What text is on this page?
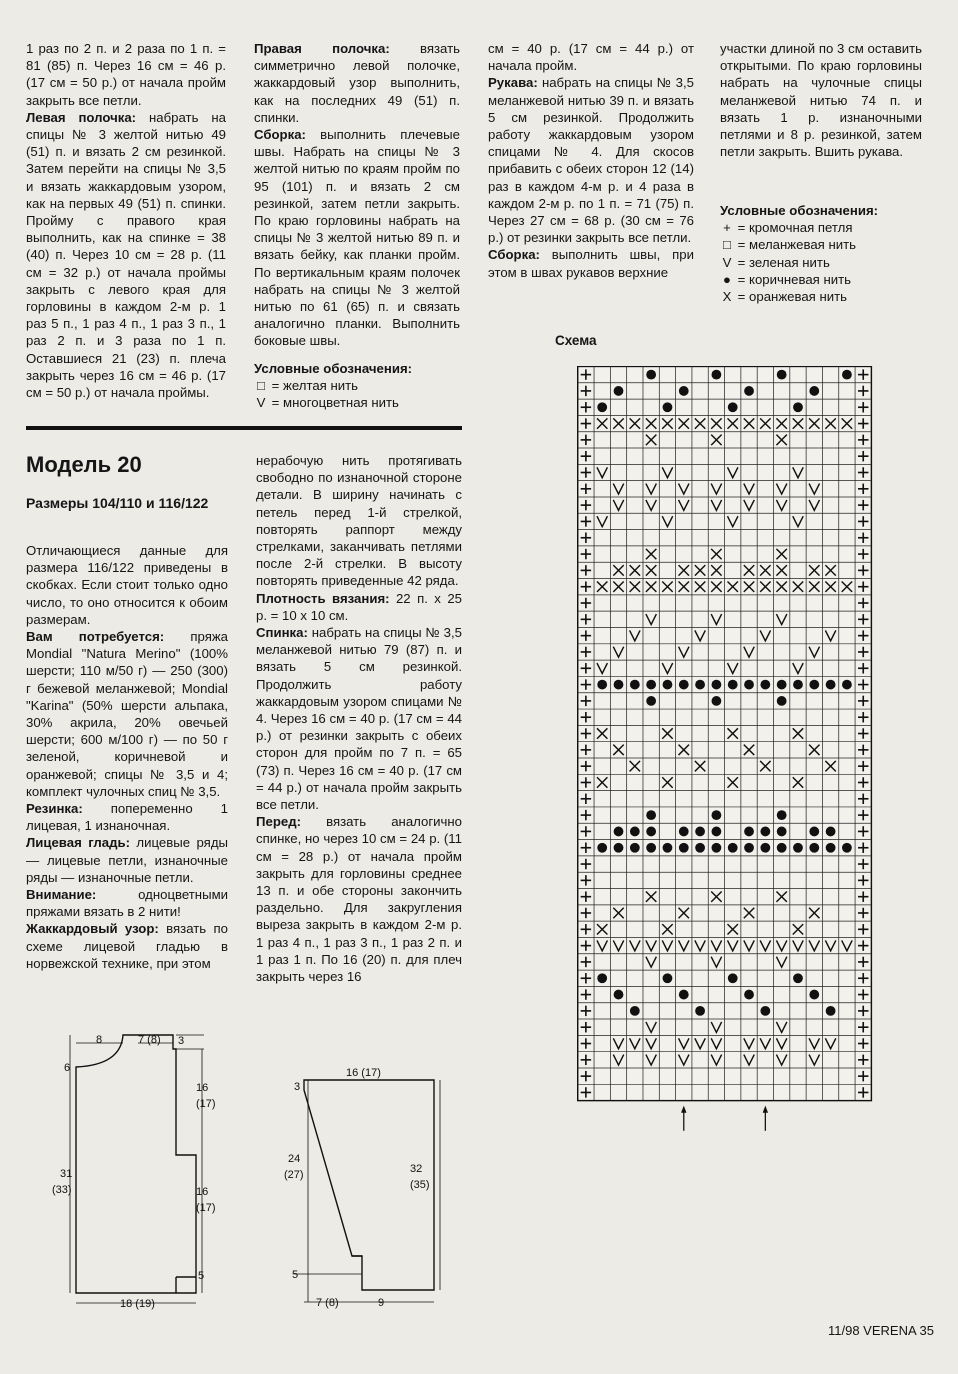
1 раз по 2 п. и 2 раза по 1 п. = 81 (85) п. Через 16 см = 46 р. (17 см = 50 р.) от начала пройм закрыть все петли.

Левая полочка: набрать на спицы № 3 желтой нитью 49 (51) п. и вязать 2 см резинкой. Затем перейти на спицы № 3,5 и вязать жаккардовым узором, как на первых 49 (51) п. спинки. Пройму с правого края выполнить, как на спинке = 38 (40) п. Через 10 см = 28 р. (11 см = 32 р.) от начала проймы закрыть с левого края для горловины в каждом 2-м р. 1 раз 5 п., 1 раз 4 п., 1 раз 3 п., 1 раз 2 п. и 3 раза по 1 п. Оставшиеся 21 (23) п. плеча закрыть через 16 см = 46 р. (17 см = 50 р.) от начала проймы.

Правая полочка: вязать симметрично левой полочке, жаккардовый узор выполнить, как на последних 49 (51) п. спинки.

Сборка: выполнить плечевые швы. Набрать на спицы № 3 желтой нитью по краям пройм по 95 (101) п. и вязать 2 см резинкой, затем петли закрыть. По краю горловины набрать на спицы № 3 желтой нитью 89 п. и вязать бейку, как планки пройм. По вертикальным краям полочек набрать на спицы № 3 желтой нитью по 61 (65) п. и связать аналогично планки. Выполнить боковые швы.

Условные обозначения:
□ = желтая нить
V = многоцветная нить

см = 40 р. (17 см = 44 р.) от начала пройм.

Рукава: набрать на спицы № 3,5 меланжевой нитью 39 п. и вязать 5 см резинкой. Продолжить работу жаккардовым узором спицами № 4. Для скосов прибавить с обеих сторон 12 (14) раз в каждом 4-м р. и 4 раза в каждом 2-м р. по 1 п. = 71 (75) п. Через 27 см = 68 р. (30 см = 76 р.) от резинки закрыть все петли.

Сборка: выполнить швы, при этом в швах рукавов верхние

участки длиной по 3 см оставить открытыми. По краю горловины набрать на чулочные спицы меланжевой нитью 74 п. и вязать 1 р. изнаночными петлями и 8 р. резинкой, затем петли закрыть. Вшить рукава.

Условные обозначения:
+ = кромочная петля
□ = меланжевая нить
V = зеленая нить
● = коричневая нить
X = оранжевая нить
Модель 20
Размеры 104/110 и 116/122

Отличающиеся данные для размера 116/122 приведены в скобках. Если стоит только одно число, то оно относится к обоим размерам.

Вам потребуется: пряжа Mondial "Natura Merino" (100% шерсти; 110 м/50 г) — 250 (300) г бежевой меланжевой; Mondial "Karina" (50% шерсти альпака, 30% акрила, 20% овечьей шерсти; 600 м/100 г) — по 50 г зеленой, коричневой и оранжевой; спицы № 3,5 и 4; комплект чулочных спиц № 3,5.

Резинка: попеременно 1 лицевая, 1 изнаночная.

Лицевая гладь: лицевые ряды — лицевые петли, изнаночные ряды — изнаночные петли.

Внимание: одноцветными пряжами вязать в 2 нити!

Жаккардовый узор: вязать по схеме лицевой гладью в норвежской технике, при этом

нерабочую нить протягивать свободно по изнаночной стороне детали. В ширину начинать с петель перед 1-й стрелкой, повторять раппорт между стрелками, заканчивать петлями после 2-й стрелки. В высоту повторять приведенные 42 ряда.

Плотность вязания: 22 п. х 25 р. = 10 х 10 см.

Спинка: набрать на спицы № 3,5 меланжевой нитью 79 (87) п. и вязать 5 см резинкой. Продолжить работу жаккардовым узором спицами № 4. Через 16 см = 40 р. (17 см = 44 р.) от резинки закрыть с обеих сторон для пройм по 7 п. = 65 (73) п. Через 16 см = 40 р. (17 см = 44 р.) от начала пройм закрыть все петли.

Перед: вязать аналогично спинке, но через 10 см = 24 р. (11 см = 28 р.) от начала пройм закрыть для горловины среднее 13 п. и обе стороны закончить раздельно. Для закругления выреза закрыть в каждом 2-м р. 1 раз 4 п., 1 раз 3 п., 1 раз 2 п. и 1 раз 1 п. По 16 (20) п. для плеч закрыть через 16

8	7 (8) 3
6
16
(17)
31
(33)	16
(17)
5
18 (19)
16 (17)
3
24
(27)	32
(35)
5
7 (8)	9
Схема
11/98 VERENA 35
